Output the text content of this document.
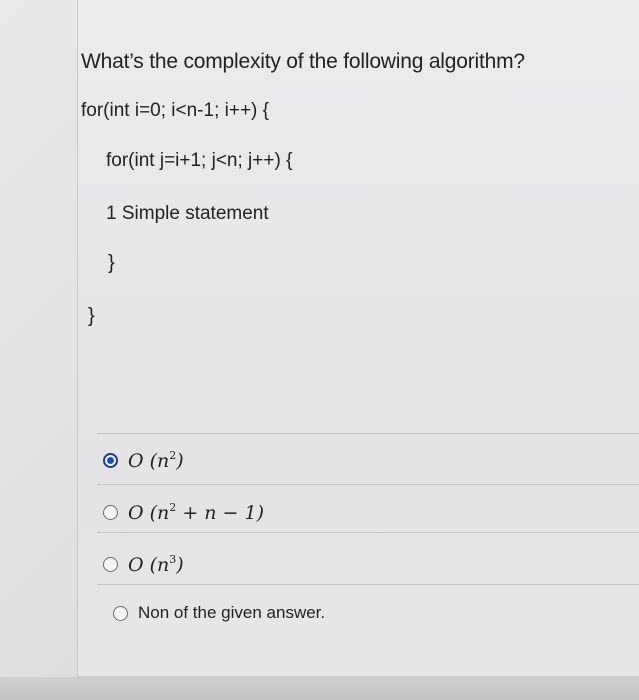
What’s the complexity of the following algorithm?
for(int i=0; i<n-1; i++) {
for(int j=i+1; j<n; j++) {
1 Simple statement
}
}
O $(n^2)$
O $(n^2 + n - 1)$
O $(n^3)$
Non of the given answer.
